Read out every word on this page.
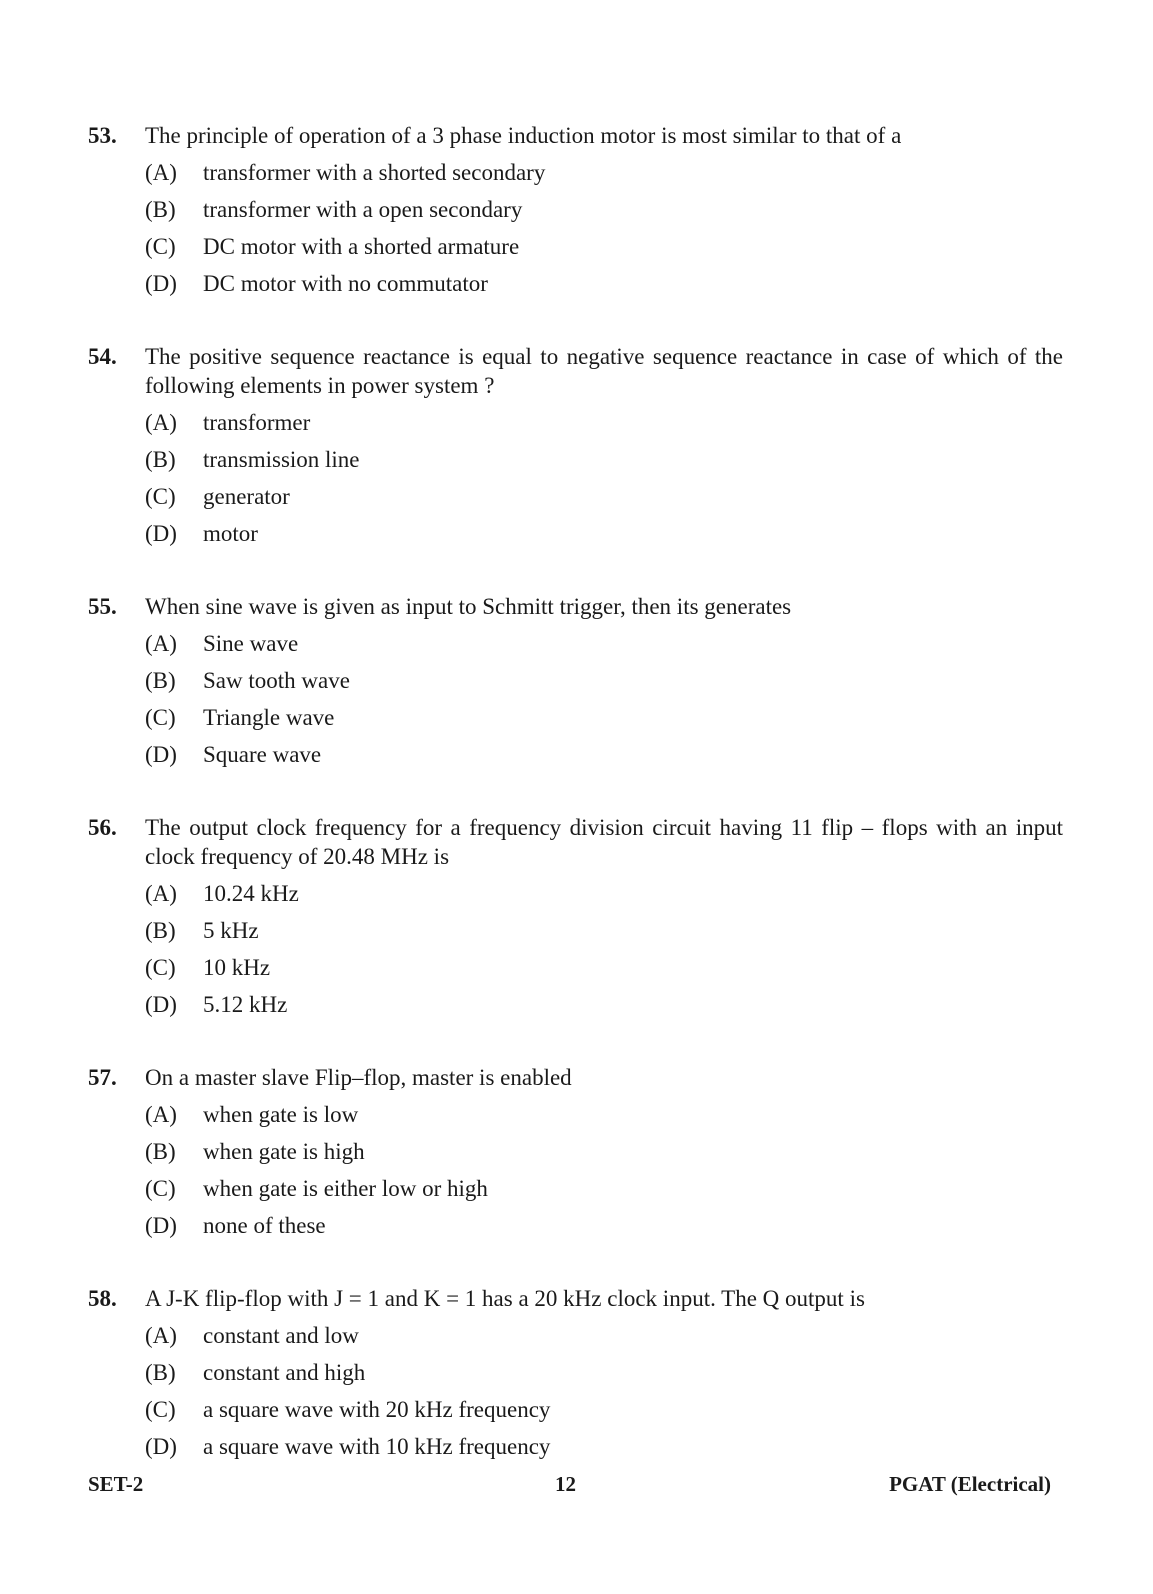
53.	The principle of operation of a 3 phase induction motor is most similar to that of a
(A)	transformer with a shorted secondary
(B)	transformer with a open secondary
(C)	DC motor with a shorted armature
(D)	DC motor with no commutator
54.	The positive sequence reactance is equal to negative sequence reactance in case of which of the following elements in power system ?
(A)	transformer
(B)	transmission line
(C)	generator
(D)	motor
55.	When sine wave is given as input to Schmitt trigger, then its generates
(A)	Sine wave
(B)	Saw tooth wave
(C)	Triangle wave
(D)	Square wave
56.	The output clock frequency for a frequency division circuit having 11 flip – flops with an input clock frequency of 20.48 MHz is
(A)	10.24 kHz
(B)	5 kHz
(C)	10 kHz
(D)	5.12 kHz
57.	On a master slave Flip–flop, master is enabled
(A)	when gate is low
(B)	when gate is high
(C)	when gate is either low or high
(D)	none of these
58.	A J-K flip-flop with J = 1 and K = 1 has a 20 kHz clock input. The Q output is
(A)	constant and low
(B)	constant and high
(C)	a square wave with 20 kHz frequency
(D)	a square wave with 10 kHz frequency
SET-2	12	PGAT (Electrical)
